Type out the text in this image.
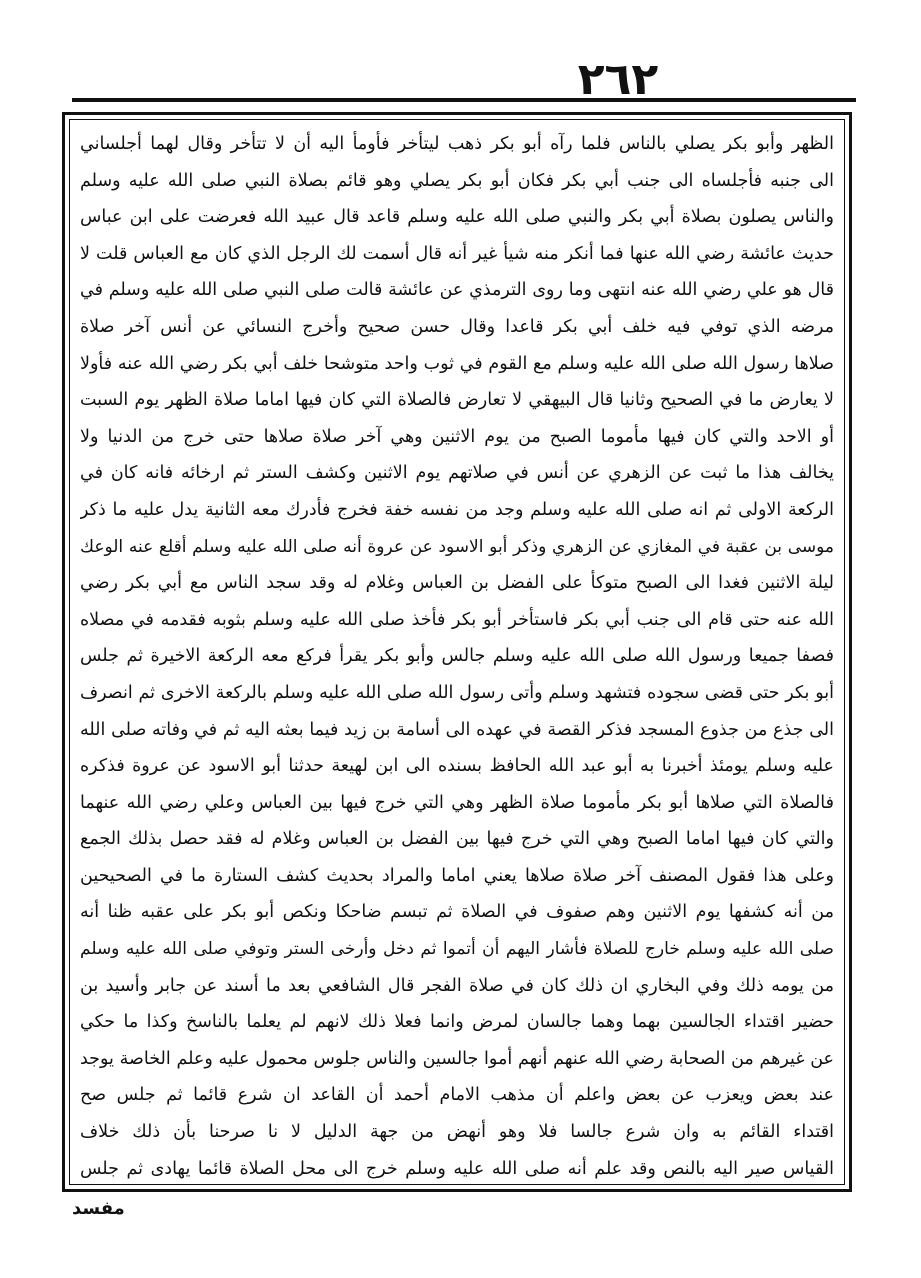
٢٦٢
الظهر وأبو بكر يصلي بالناس فلما رآه أبو بكر ذهب ليتأخر فأومأ اليه أن لا تتأخر وقال لهما أجلساني
الى جنبه فأجلساه الى جنب أبي بكر فكان أبو بكر يصلي وهو قائم بصلاة النبي صلى الله عليه وسلم
والناس يصلون بصلاة أبي بكر والنبي صلى الله عليه وسلم قاعد قال عبيد الله فعرضت على ابن عباس
حديث عائشة رضي الله عنها فما أنكر منه شيأ غير أنه قال أسمت لك الرجل الذي كان مع العباس قلت لا
قال هو علي رضي الله عنه انتهى وما روى الترمذي عن عائشة قالت صلى النبي صلى الله عليه وسلم في
مرضه الذي توفي فيه خلف أبي بكر قاعدا وقال حسن صحيح وأخرج النسائي عن أنس آخر صلاة
صلاها رسول الله صلى الله عليه وسلم مع القوم في ثوب واحد متوشحا خلف أبي بكر رضي الله عنه فأولا
لا يعارض ما في الصحيح وثانيا قال البيهقي لا تعارض فالصلاة التي كان فيها اماما صلاة الظهر يوم السبت
أو الاحد والتي كان فيها مأموما الصبح من يوم الاثنين وهي آخر صلاة صلاها حتى خرج من الدنيا ولا
يخالف هذا ما ثبت عن الزهري عن أنس في صلاتهم يوم الاثنين وكشف الستر ثم ارخائه فانه كان في
الركعة الاولى ثم انه صلى الله عليه وسلم وجد من نفسه خفة فخرج فأدرك معه الثانية يدل عليه ما ذكر
موسى بن عقبة في المغازي عن الزهري وذكر أبو الاسود عن عروة أنه صلى الله عليه وسلم أقلع عنه الوعك
ليلة الاثنين فغدا الى الصبح متوكأ على الفضل بن العباس وغلام له وقد سجد الناس مع أبي بكر رضي
الله عنه حتى قام الى جنب أبي بكر فاستأخر أبو بكر فأخذ صلى الله عليه وسلم بثوبه فقدمه في مصلاه
فصفا جميعا ورسول الله صلى الله عليه وسلم جالس وأبو بكر يقرأ فركع معه الركعة الاخيرة ثم جلس
أبو بكر حتى قضى سجوده فتشهد وسلم وأتى رسول الله صلى الله عليه وسلم بالركعة الاخرى ثم انصرف
الى جذع من جذوع المسجد فذكر القصة في عهده الى أسامة بن زيد فيما بعثه اليه ثم في وفاته صلى الله
عليه وسلم يومئذ أخبرنا به أبو عبد الله الحافظ بسنده الى ابن لهيعة حدثنا أبو الاسود عن عروة فذكره
فالصلاة التي صلاها أبو بكر مأموما صلاة الظهر وهي التي خرج فيها بين العباس وعلي رضي الله عنهما
والتي كان فيها اماما الصبح وهي التي خرج فيها بين الفضل بن العباس وغلام له فقد حصل بذلك الجمع
وعلى هذا فقول المصنف آخر صلاة صلاها يعني اماما والمراد بحديث كشف الستارة ما في الصحيحين
من أنه كشفها يوم الاثنين وهم صفوف في الصلاة ثم تبسم ضاحكا ونكص أبو بكر على عقبه ظنا أنه
صلى الله عليه وسلم خارج للصلاة فأشار اليهم أن أتموا ثم دخل وأرخى الستر وتوفي صلى الله عليه وسلم
من يومه ذلك وفي البخاري ان ذلك كان في صلاة الفجر قال الشافعي بعد ما أسند عن جابر وأسيد بن
حضير اقتداء الجالسين بهما وهما جالسان لمرض وانما فعلا ذلك لانهم لم يعلما بالناسخ وكذا ما حكي
عن غيرهم من الصحابة رضي الله عنهم أنهم أموا جالسين والناس جلوس محمول عليه وعلم الخاصة يوجد
عند بعض ويعزب عن بعض واعلم أن مذهب الامام أحمد أن القاعد ان شرع قائما ثم جلس صح
اقتداء القائم به وان شرع جالسا فلا وهو أنهض من جهة الدليل لا نا صرحنا بأن ذلك خلاف
القياس صير اليه بالنص وقد علم أنه صلى الله عليه وسلم خرج الى محل الصلاة قائما يهادى ثم جلس
مفسد
